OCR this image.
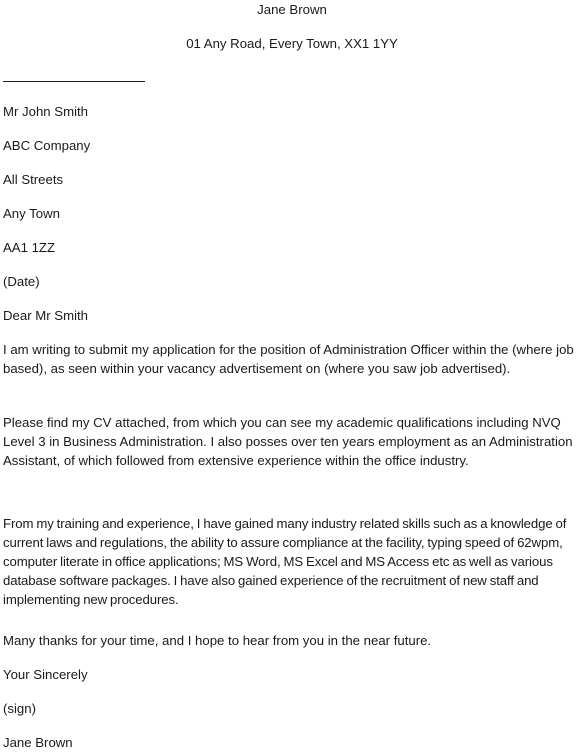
Jane Brown
01 Any Road, Every Town, XX1 1YY
Mr John Smith
ABC Company
All Streets
Any Town
AA1 1ZZ
(Date)
Dear Mr Smith
I am writing to submit my application for the position of Administration Officer within the (where job based), as seen within your vacancy advertisement on (where you saw job advertised).
Please find my CV attached, from which you can see my academic qualifications including NVQ Level 3 in Business Administration. I also posses over ten years employment as an Administration Assistant, of which followed from extensive experience within the office industry.
From my training and experience, I have gained many industry related skills such as a knowledge of current laws and regulations, the ability to assure compliance at the facility, typing speed of 62wpm, computer literate in office applications; MS Word, MS Excel and MS Access etc as well as various database software packages. I have also gained experience of the recruitment of new staff and implementing new procedures.
Many thanks for your time, and I hope to hear from you in the near future.
Your Sincerely
(sign)
Jane Brown
